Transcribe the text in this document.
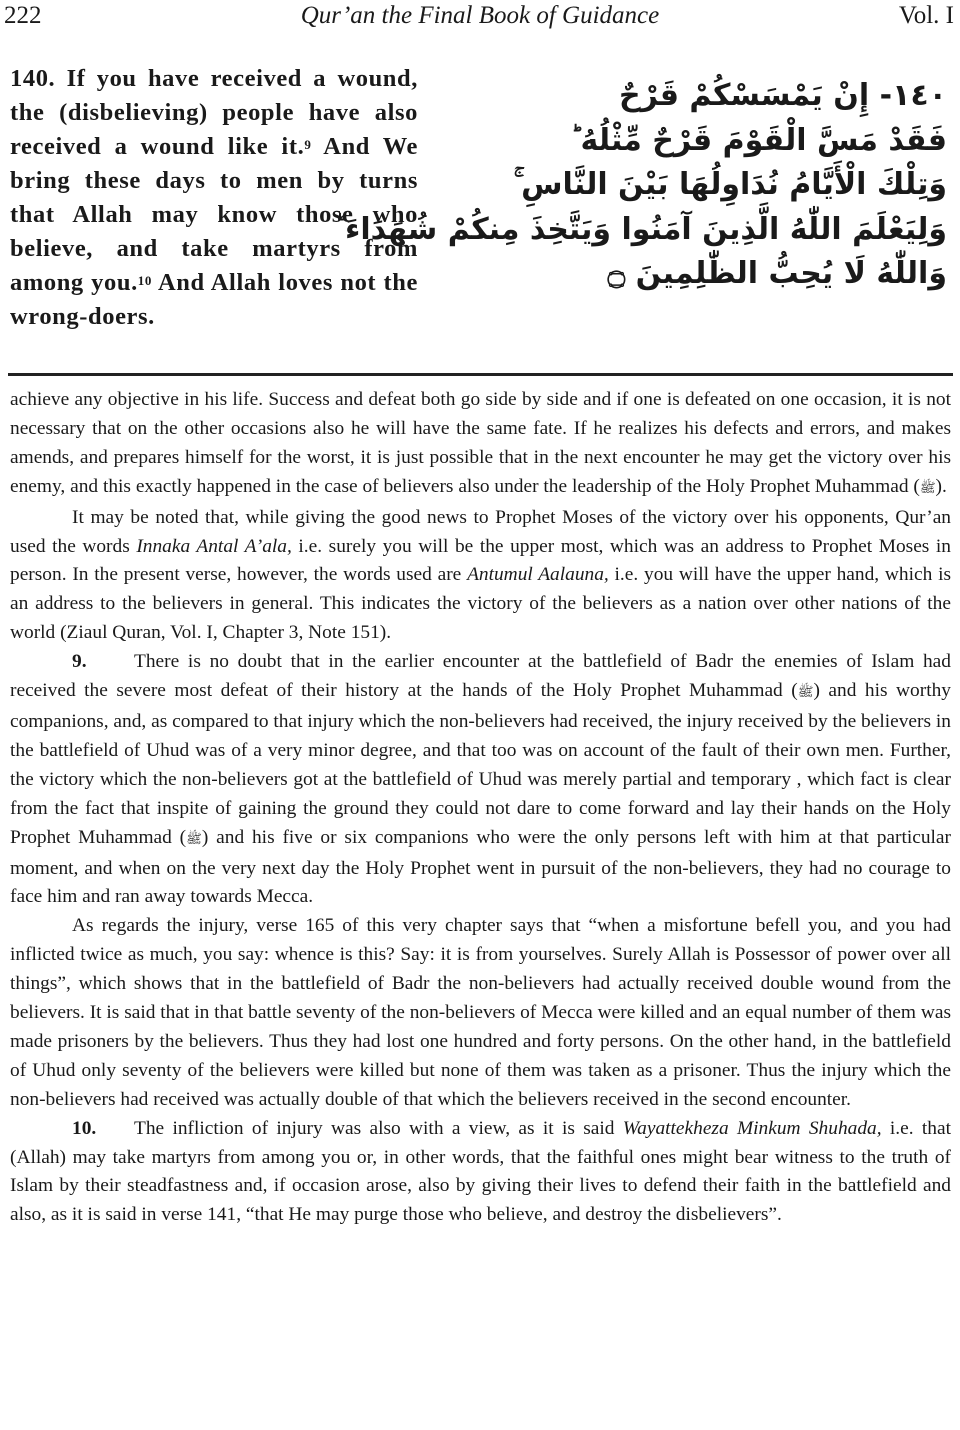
222	Qur’an the Final Book of Guidance	Vol. I
140. If you have received a wound, the (disbelieving) people have also received a wound like it.$^9$ And We bring these days to men by turns that Allah may know those who believe, and take martyrs from among you.$^{10}$ And Allah loves not the wrong-doers.
١٤٠- إِنْ يَمْسَسْكُمْ قَرْحٌ
فَقَدْ مَسَّ الْقَوْمَ قَرْحٌ مِّثْلُهُ ؕ
وَتِلْكَ الْأَيَّامُ نُدَاوِلُهَا بَيْنَ النَّاسِ ۚ
وَلِيَعْلَمَ اللّٰهُ الَّذِينَ آمَنُوا وَيَتَّخِذَ مِنكُمْ شُهَدَاءَ ؕ
وَاللّٰهُ لَا يُحِبُّ الظّٰلِمِينَ ۝

achieve any objective in his life. Success and defeat both go side by side and if one is defeated on one occasion, it is not necessary that on the other occasions also he will have the same fate. If he realizes his defects and errors, and makes amends, and prepares himself for the worst, it is just possible that in the next encounter he may get the victory over his enemy, and this exactly happened in the case of believers also under the leadership of the Holy Prophet Muhammad (ﷺ).

It may be noted that, while giving the good news to Prophet Moses of the victory over his opponents, Qur’an used the words Innaka Antal A’ala, i.e. surely you will be the upper most, which was an address to Prophet Moses in person. In the present verse, however, the words used are Antumul Aalauna, i.e. you will have the upper hand, which is an address to the believers in general. This indicates the victory of the believers as a nation over other nations of the world (Ziaul Quran, Vol. I, Chapter 3, Note 151).

9. There is no doubt that in the earlier encounter at the battlefield of Badr the enemies of Islam had received the severe most defeat of their history at the hands of the Holy Prophet Muhammad (ﷺ) and his worthy companions, and, as compared to that injury which the non-believers had received, the injury received by the believers in the battlefield of Uhud was of a very minor degree, and that too was on account of the fault of their own men. Further, the victory which the non-believers got at the battlefield of Uhud was merely partial and temporary , which fact is clear from the fact that inspite of gaining the ground they could not dare to come forward and lay their hands on the Holy Prophet Muhammad (ﷺ) and his five or six companions who were the only persons left with him at that particular moment, and when on the very next day the Holy Prophet went in pursuit of the non-believers, they had no courage to face him and ran away towards Mecca.

As regards the injury, verse 165 of this very chapter says that “when a misfortune befell you, and you had inflicted twice as much, you say: whence is this? Say: it is from yourselves. Surely Allah is Possessor of power over all things”, which shows that in the battlefield of Badr the non-believers had actually received double wound from the believers. It is said that in that battle seventy of the non-believers of Mecca were killed and an equal number of them was made prisoners by the believers. Thus they had lost one hundred and forty persons. On the other hand, in the battlefield of Uhud only seventy of the believers were killed but none of them was taken as a prisoner. Thus the injury which the non-believers had received was actually double of that which the believers received in the second encounter.

10. The infliction of injury was also with a view, as it is said Wayattekheza Minkum Shuhada, i.e. that (Allah) may take martyrs from among you or, in other words, that the faithful ones might bear witness to the truth of Islam by their steadfastness and, if occasion arose, also by giving their lives to defend their faith in the battlefield and also, as it is said in verse 141, “that He may purge those who believe, and destroy the disbelievers”.
